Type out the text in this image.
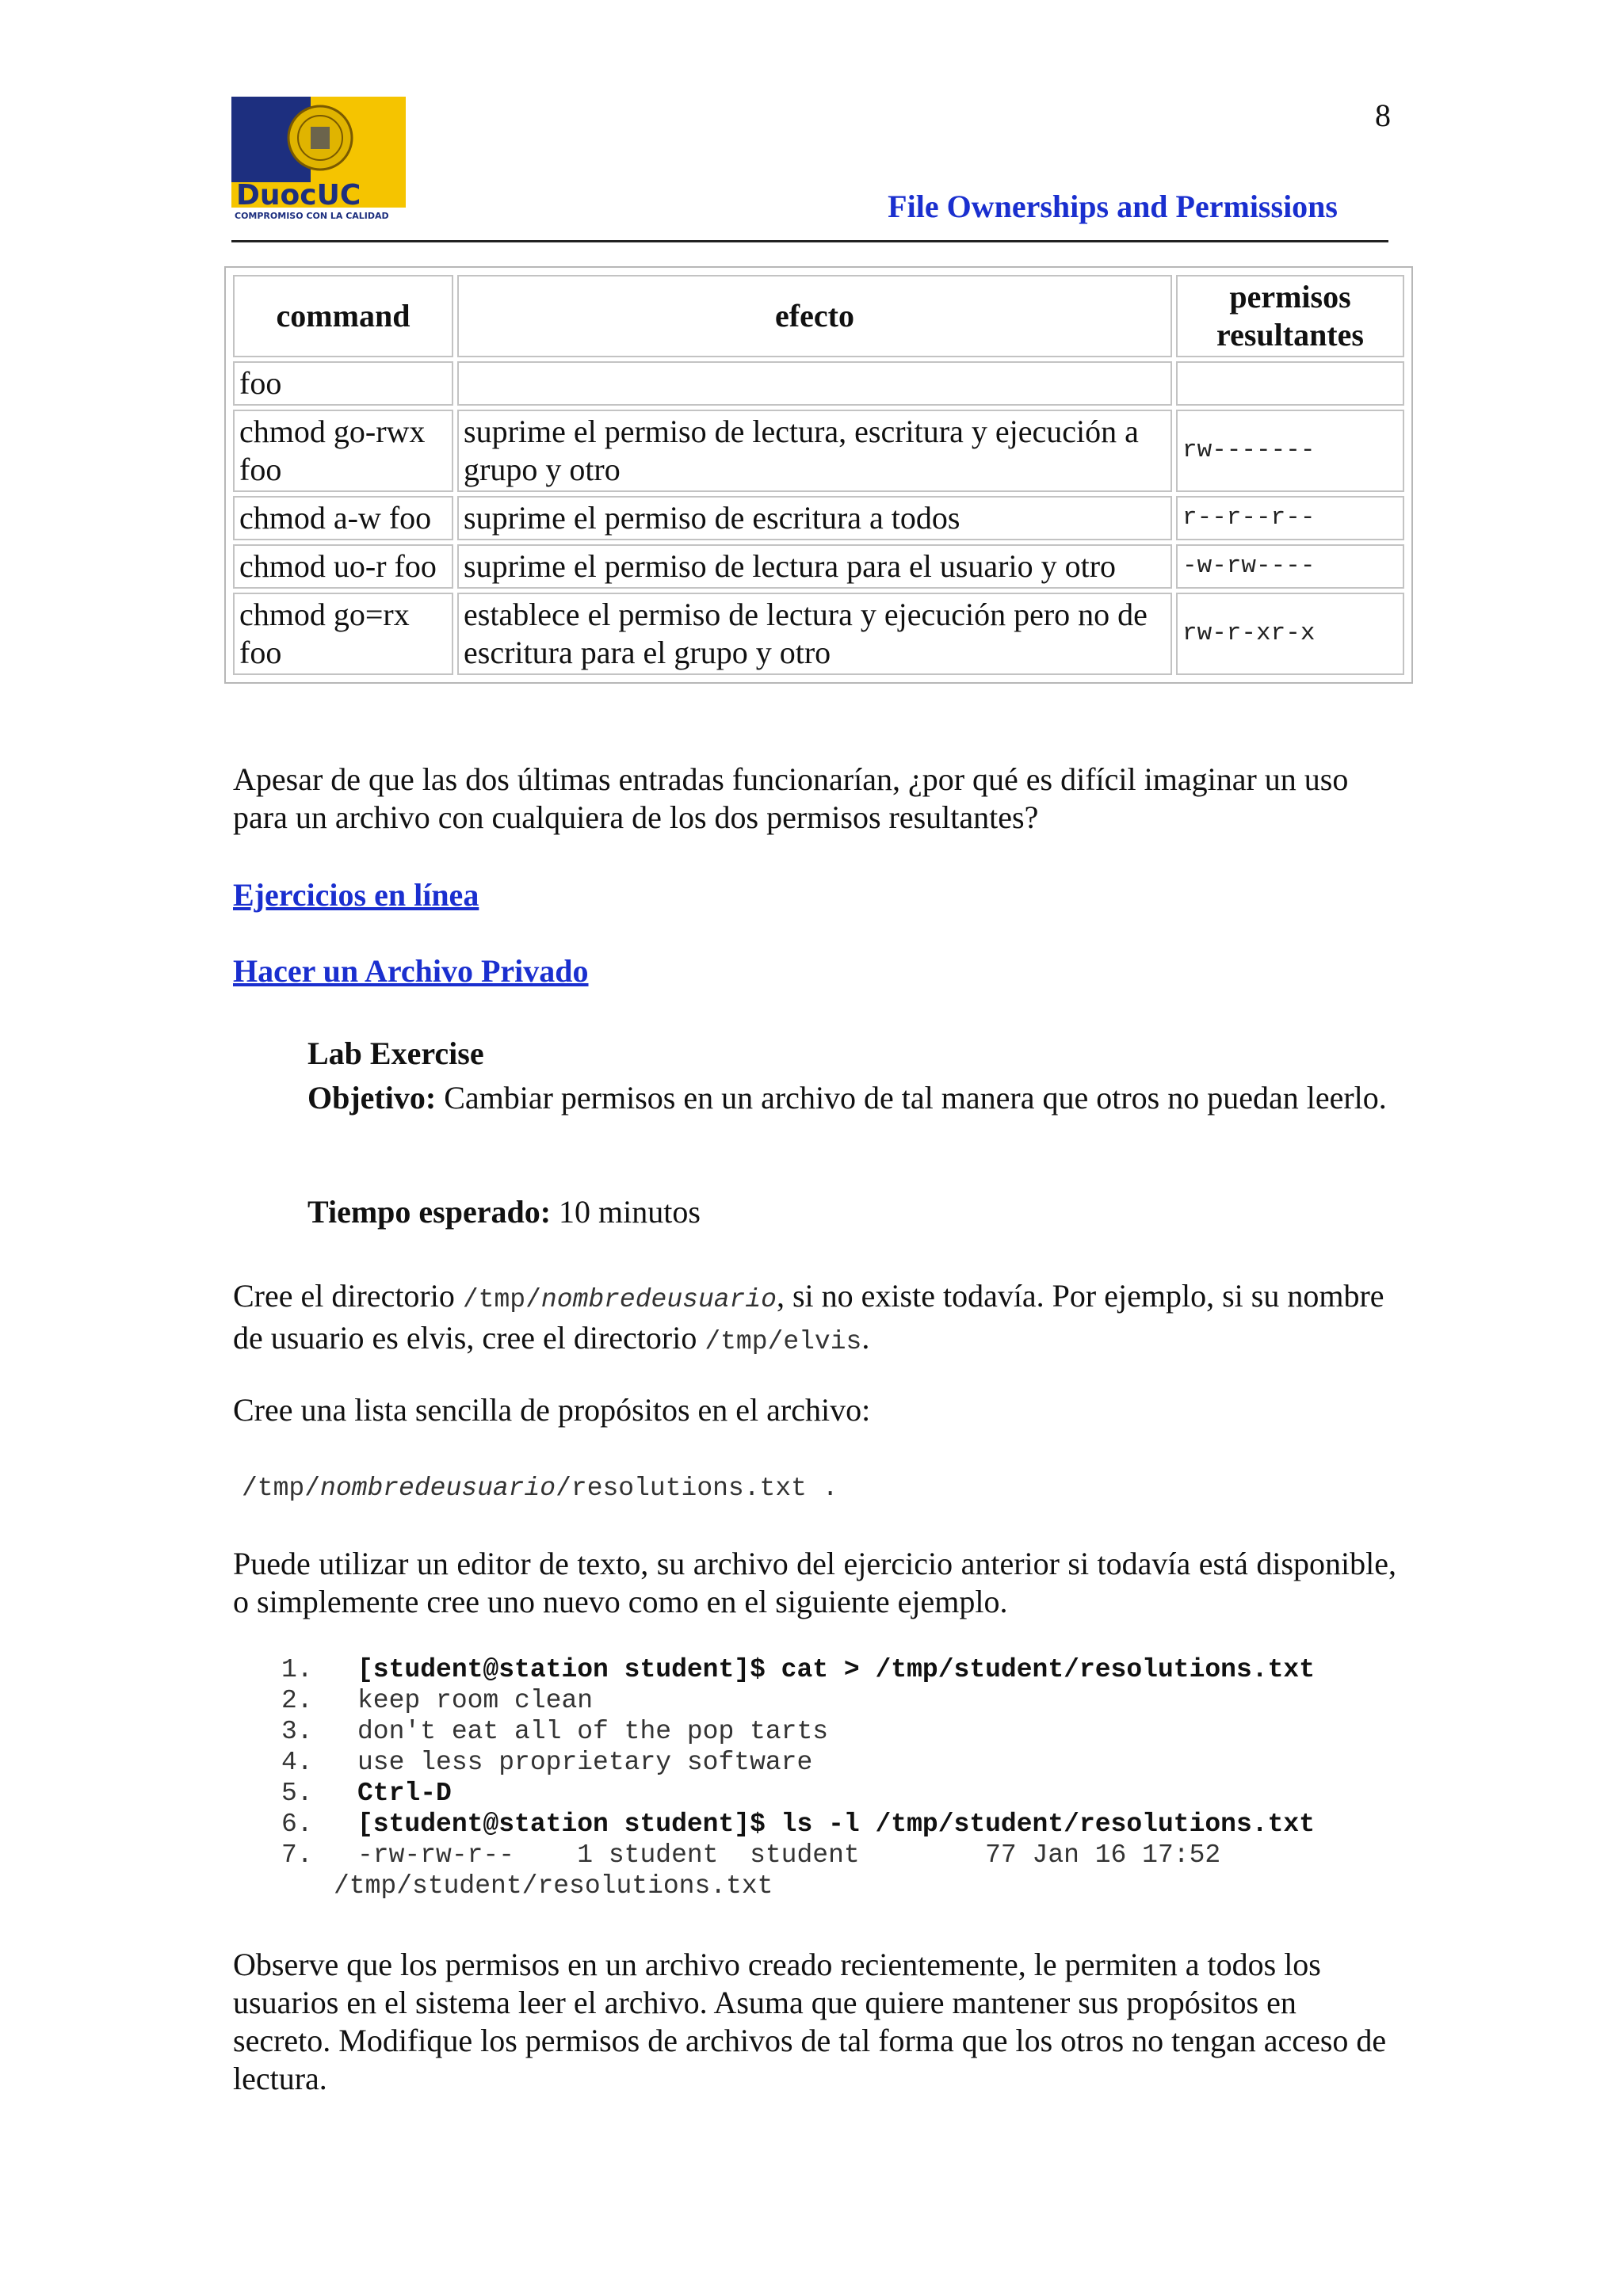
8
DuocUC
COMPROMISO CON LA CALIDAD	File Ownerships and Permissions
command	efecto	permisos resultantes
foo		
chmod go-rwx foo	suprime el permiso de lectura, escritura y ejecución a grupo y otro	rw-------
chmod a-w foo	suprime el permiso de escritura a todos	r--r--r--
chmod uo-r foo	suprime el permiso de lectura para el usuario y otro	-w-rw----
chmod go=rx foo	establece el permiso de lectura y ejecución pero no de escritura para el grupo y otro	rw-r-xr-x

Apesar de que las dos últimas entradas funcionarían, ¿por qué es difícil imaginar un uso para un archivo con cualquiera de los dos permisos resultantes?

Ejercicios en línea
Hacer un Archivo Privado
Lab Exercise
Objetivo: Cambiar permisos en un archivo de tal manera que otros no puedan leerlo.
Tiempo esperado: 10 minutos

Cree el directorio /tmp/nombredeusuario, si no existe todavía. Por ejemplo, si su nombre de usuario es elvis, cree el directorio /tmp/elvis.

Cree una lista sencilla de propósitos en el archivo:

/tmp/nombredeusuario/resolutions.txt .

Puede utilizar un editor de texto, su archivo del ejercicio anterior si todavía está disponible, o simplemente cree uno nuevo como en el siguiente ejemplo.

1. [student@station student]$ cat > /tmp/student/resolutions.txt
2. keep room clean
3. don't eat all of the pop tarts
4. use less proprietary software
5. Ctrl-D
6. [student@station student]$ ls -l /tmp/student/resolutions.txt
7. -rw-rw-r--    1 student  student        77 Jan 16 17:52
/tmp/student/resolutions.txt

Observe que los permisos en un archivo creado recientemente, le permiten a todos los usuarios en el sistema leer el archivo. Asuma que quiere mantener sus propósitos en secreto. Modifique los permisos de archivos de tal forma que los otros no tengan acceso de lectura.
